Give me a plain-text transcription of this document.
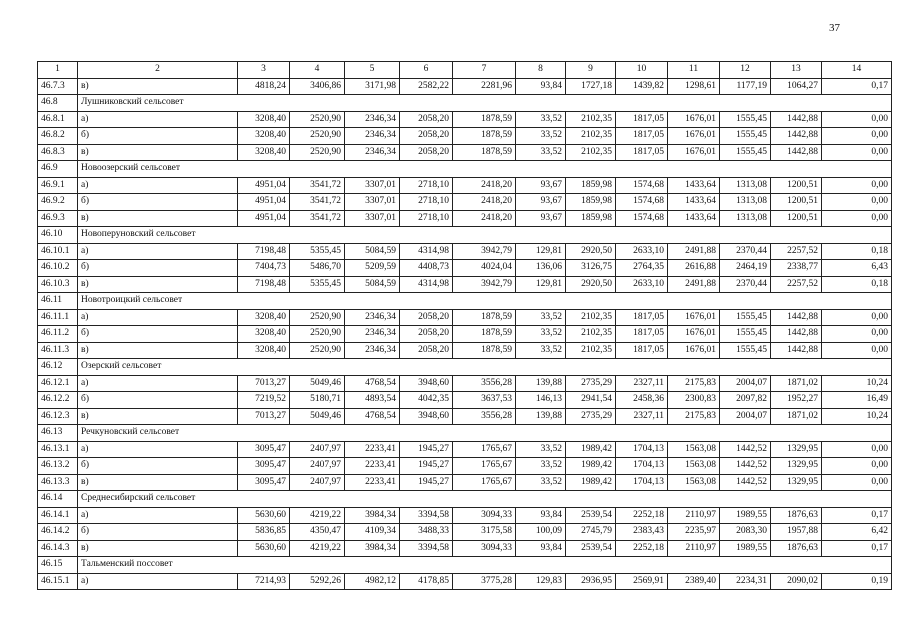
37
1	2	3	4	5	6	7	8	9	10	11	12	13	14
46.7.3	в)	4818,24	3406,86	3171,98	2582,22	2281,96	93,84	1727,18	1439,82	1298,61	1177,19	1064,27	0,17
46.8	Лушниковский сельсовет												
46.8.1	а)	3208,40	2520,90	2346,34	2058,20	1878,59	33,52	2102,35	1817,05	1676,01	1555,45	1442,88	0,00
46.8.2	б)	3208,40	2520,90	2346,34	2058,20	1878,59	33,52	2102,35	1817,05	1676,01	1555,45	1442,88	0,00
46.8.3	в)	3208,40	2520,90	2346,34	2058,20	1878,59	33,52	2102,35	1817,05	1676,01	1555,45	1442,88	0,00
46.9	Новоозерский сельсовет												
46.9.1	а)	4951,04	3541,72	3307,01	2718,10	2418,20	93,67	1859,98	1574,68	1433,64	1313,08	1200,51	0,00
46.9.2	б)	4951,04	3541,72	3307,01	2718,10	2418,20	93,67	1859,98	1574,68	1433,64	1313,08	1200,51	0,00
46.9.3	в)	4951,04	3541,72	3307,01	2718,10	2418,20	93,67	1859,98	1574,68	1433,64	1313,08	1200,51	0,00
46.10	Новоперуновский сельсовет												
46.10.1	а)	7198,48	5355,45	5084,59	4314,98	3942,79	129,81	2920,50	2633,10	2491,88	2370,44	2257,52	0,18
46.10.2	б)	7404,73	5486,70	5209,59	4408,73	4024,04	136,06	3126,75	2764,35	2616,88	2464,19	2338,77	6,43
46.10.3	в)	7198,48	5355,45	5084,59	4314,98	3942,79	129,81	2920,50	2633,10	2491,88	2370,44	2257,52	0,18
46.11	Новотроицкий сельсовет												
46.11.1	а)	3208,40	2520,90	2346,34	2058,20	1878,59	33,52	2102,35	1817,05	1676,01	1555,45	1442,88	0,00
46.11.2	б)	3208,40	2520,90	2346,34	2058,20	1878,59	33,52	2102,35	1817,05	1676,01	1555,45	1442,88	0,00
46.11.3	в)	3208,40	2520,90	2346,34	2058,20	1878,59	33,52	2102,35	1817,05	1676,01	1555,45	1442,88	0,00
46.12	Озерский сельсовет												
46.12.1	а)	7013,27	5049,46	4768,54	3948,60	3556,28	139,88	2735,29	2327,11	2175,83	2004,07	1871,02	10,24
46.12.2	б)	7219,52	5180,71	4893,54	4042,35	3637,53	146,13	2941,54	2458,36	2300,83	2097,82	1952,27	16,49
46.12.3	в)	7013,27	5049,46	4768,54	3948,60	3556,28	139,88	2735,29	2327,11	2175,83	2004,07	1871,02	10,24
46.13	Речкуновский сельсовет												
46.13.1	а)	3095,47	2407,97	2233,41	1945,27	1765,67	33,52	1989,42	1704,13	1563,08	1442,52	1329,95	0,00
46.13.2	б)	3095,47	2407,97	2233,41	1945,27	1765,67	33,52	1989,42	1704,13	1563,08	1442,52	1329,95	0,00
46.13.3	в)	3095,47	2407,97	2233,41	1945,27	1765,67	33,52	1989,42	1704,13	1563,08	1442,52	1329,95	0,00
46.14	Среднесибирский сельсовет												
46.14.1	а)	5630,60	4219,22	3984,34	3394,58	3094,33	93,84	2539,54	2252,18	2110,97	1989,55	1876,63	0,17
46.14.2	б)	5836,85	4350,47	4109,34	3488,33	3175,58	100,09	2745,79	2383,43	2235,97	2083,30	1957,88	6,42
46.14.3	в)	5630,60	4219,22	3984,34	3394,58	3094,33	93,84	2539,54	2252,18	2110,97	1989,55	1876,63	0,17
46.15	Тальменский поссовет												
46.15.1	а)	7214,93	5292,26	4982,12	4178,85	3775,28	129,83	2936,95	2569,91	2389,40	2234,31	2090,02	0,19
